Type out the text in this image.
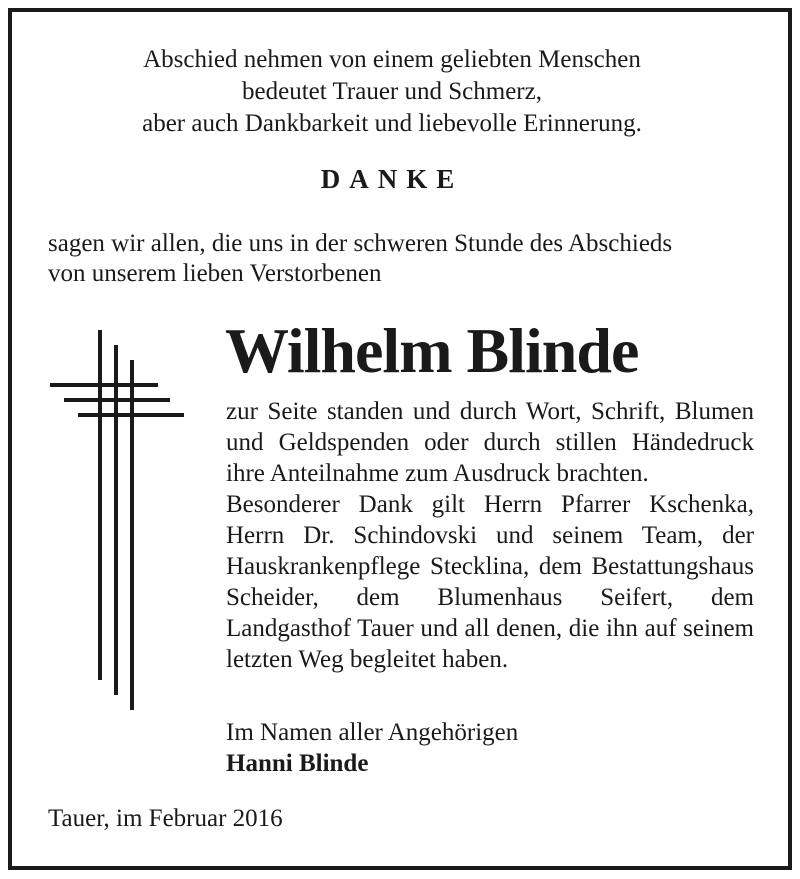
Abschied nehmen von einem geliebten Menschen
bedeutet Trauer und Schmerz,
aber auch Dankbarkeit und liebevolle Erinnerung.
DANKE
sagen wir allen, die uns in der schweren Stunde des Abschieds
von unserem lieben Verstorbenen
Wilhelm Blinde

zur Seite standen und durch Wort, Schrift, Blumen und Geldspenden oder durch stillen Händedruck ihre Anteilnahme zum Ausdruck brachten.

Besonderer Dank gilt Herrn Pfarrer Kschenka, Herrn Dr. Schindovski und seinem Team, der Hauskrankenpflege Stecklina, dem Bestattungshaus Scheider, dem Blumenhaus Seifert, dem Landgasthof Tauer und all denen, die ihn auf seinem letzten Weg begleitet haben.

Im Namen aller Angehörigen
Hanni Blinde
Tauer, im Februar 2016
